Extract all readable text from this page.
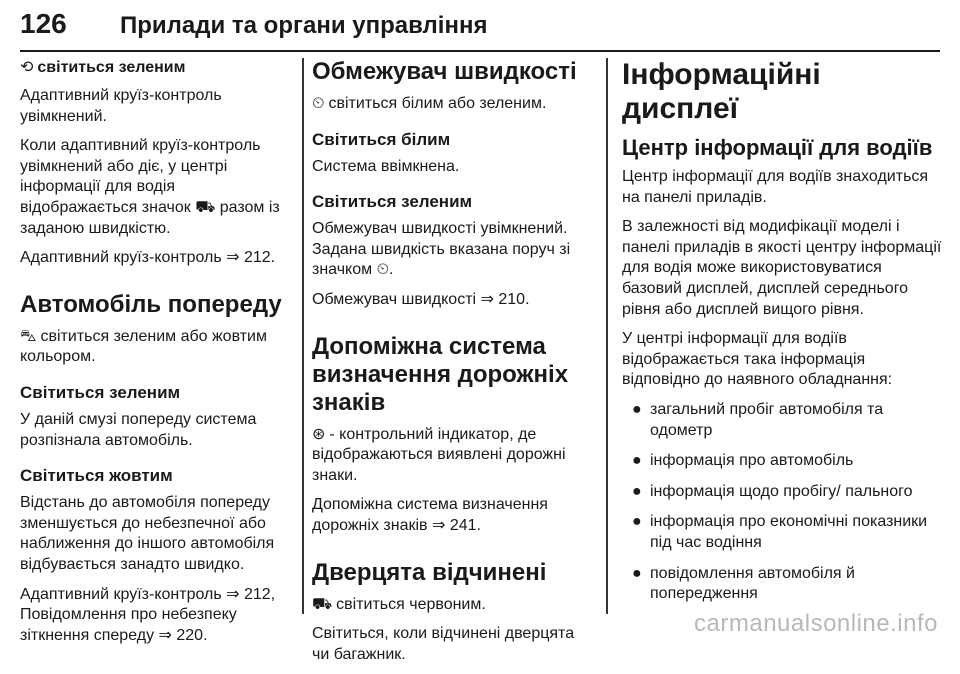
126 Прилади та органи управління
⟲ світиться зеленим

Адаптивний круїз-контроль увімкнений.

Коли адаптивний круїз-контроль увімкнений або діє, у центрі інформації для водія відображається значок ⛟ разом із заданою швидкістю.

Адаптивний круїз-контроль ⇒ 212.

Автомобіль попереду

⛍ світиться зеленим або жовтим кольором.

Світиться зеленим

У даній смузі попереду система розпізнала автомобіль.

Світиться жовтим

Відстань до автомобіля попереду зменшується до небезпечної або наближення до іншого автомобіля відбувається занадто швидко.

Адаптивний круїз-контроль ⇒ 212, Повідомлення про небезпеку зіткнення спереду ⇒ 220.

Обмежувач швидкості

⏲ світиться білим або зеленим.

Світиться білим

Система ввімкнена.

Світиться зеленим

Обмежувач швидкості увімкнений. Задана швидкість вказана поруч зі значком ⏲.

Обмежувач швидкості ⇒ 210.

Допоміжна система визначення дорожніх знаків

⊛ - контрольний індикатор, де відображаються виявлені дорожні знаки.

Допоміжна система визначення дорожніх знаків ⇒ 241.

Дверцята відчинені

⛟ світиться червоним.

Світиться, коли відчинені дверцята чи багажник.

Інформаційні дисплеї
Центр інформації для водіїв

Центр інформації для водіїв знаходиться на панелі приладів.

В залежності від модифікації моделі і панелі приладів в якості центру інформації для водія може використовуватися базовий дисплей, дисплей середнього рівня або дисплей вищого рівня.

У центрі інформації для водіїв відображається така інформація відповідно до наявного обладнання:

● загальний пробіг автомобіля та одометр
● інформація про автомобіль
● інформація щодо пробігу/ пального
● інформація про економічні показники під час водіння
● повідомлення автомобіля й попередження
carmanualsonline.info
